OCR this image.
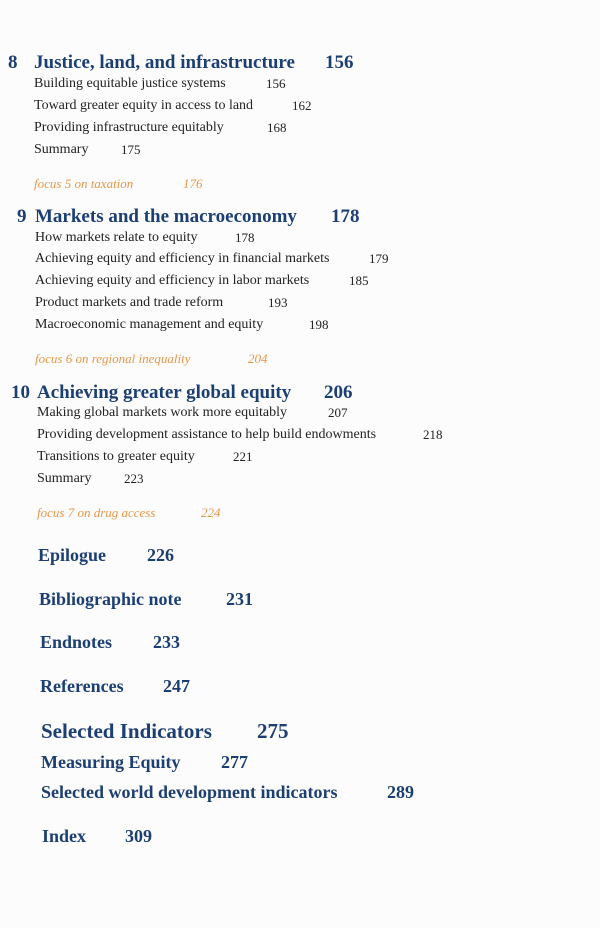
8 Justice, land, and infrastructure 156
Building equitable justice systems	156
Toward greater equity in access to land	162
Providing infrastructure equitably	168
Summary	175
focus 5 on taxation	176
9 Markets and the macroeconomy 178
How markets relate to equity	178
Achieving equity and efficiency in financial markets	179
Achieving equity and efficiency in labor markets	185
Product markets and trade reform	193
Macroeconomic management and equity	198
focus 6 on regional inequality	204
10 Achieving greater global equity 206
Making global markets work more equitably	207
Providing development assistance to help build endowments	218
Transitions to greater equity	221
Summary	223
focus 7 on drug access	224
Epilogue 226
Bibliographic note 231
Endnotes 233
References 247
Selected Indicators 275
Measuring Equity 277
Selected world development indicators	289
Index 309
